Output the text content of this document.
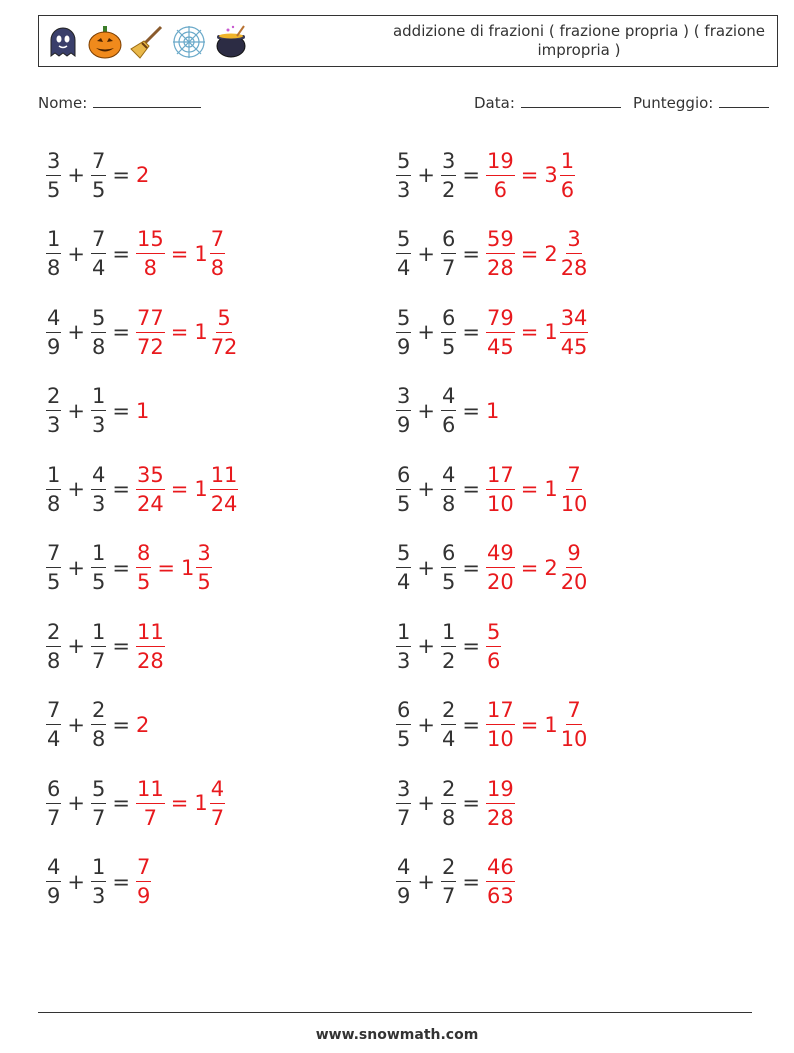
addizione di frazioni ( frazione propria ) ( frazione impropria )
Nome:	Data:	Punteggio:
$\frac{3}{5} + \frac{7}{5} = 2$	$\frac{5}{3} + \frac{3}{2} = \frac{19}{6} = 3 \frac{1}{6}$
$\frac{1}{8} + \frac{7}{4} = \frac{15}{8} = 1 \frac{7}{8}$	$\frac{5}{4} + \frac{6}{7} = \frac{59}{28} = 2 \frac{3}{28}$
$\frac{4}{9} + \frac{5}{8} = \frac{77}{72} = 1 \frac{5}{72}$	$\frac{5}{9} + \frac{6}{5} = \frac{79}{45} = 1 \frac{34}{45}$
$\frac{2}{3} + \frac{1}{3} = 1$	$\frac{3}{9} + \frac{4}{6} = 1$
$\frac{1}{8} + \frac{4}{3} = \frac{35}{24} = 1 \frac{11}{24}$	$\frac{6}{5} + \frac{4}{8} = \frac{17}{10} = 1 \frac{7}{10}$
$\frac{7}{5} + \frac{1}{5} = \frac{8}{5} = 1 \frac{3}{5}$	$\frac{5}{4} + \frac{6}{5} = \frac{49}{20} = 2 \frac{9}{20}$
$\frac{2}{8} + \frac{1}{7} = \frac{11}{28}$	$\frac{1}{3} + \frac{1}{2} = \frac{5}{6}$
$\frac{7}{4} + \frac{2}{8} = 2$	$\frac{6}{5} + \frac{2}{4} = \frac{17}{10} = 1 \frac{7}{10}$
$\frac{6}{7} + \frac{5}{7} = \frac{11}{7} = 1 \frac{4}{7}$	$\frac{3}{7} + \frac{2}{8} = \frac{19}{28}$
$\frac{4}{9} + \frac{1}{3} = \frac{7}{9}$	$\frac{4}{9} + \frac{2}{7} = \frac{46}{63}$
www.snowmath.com
